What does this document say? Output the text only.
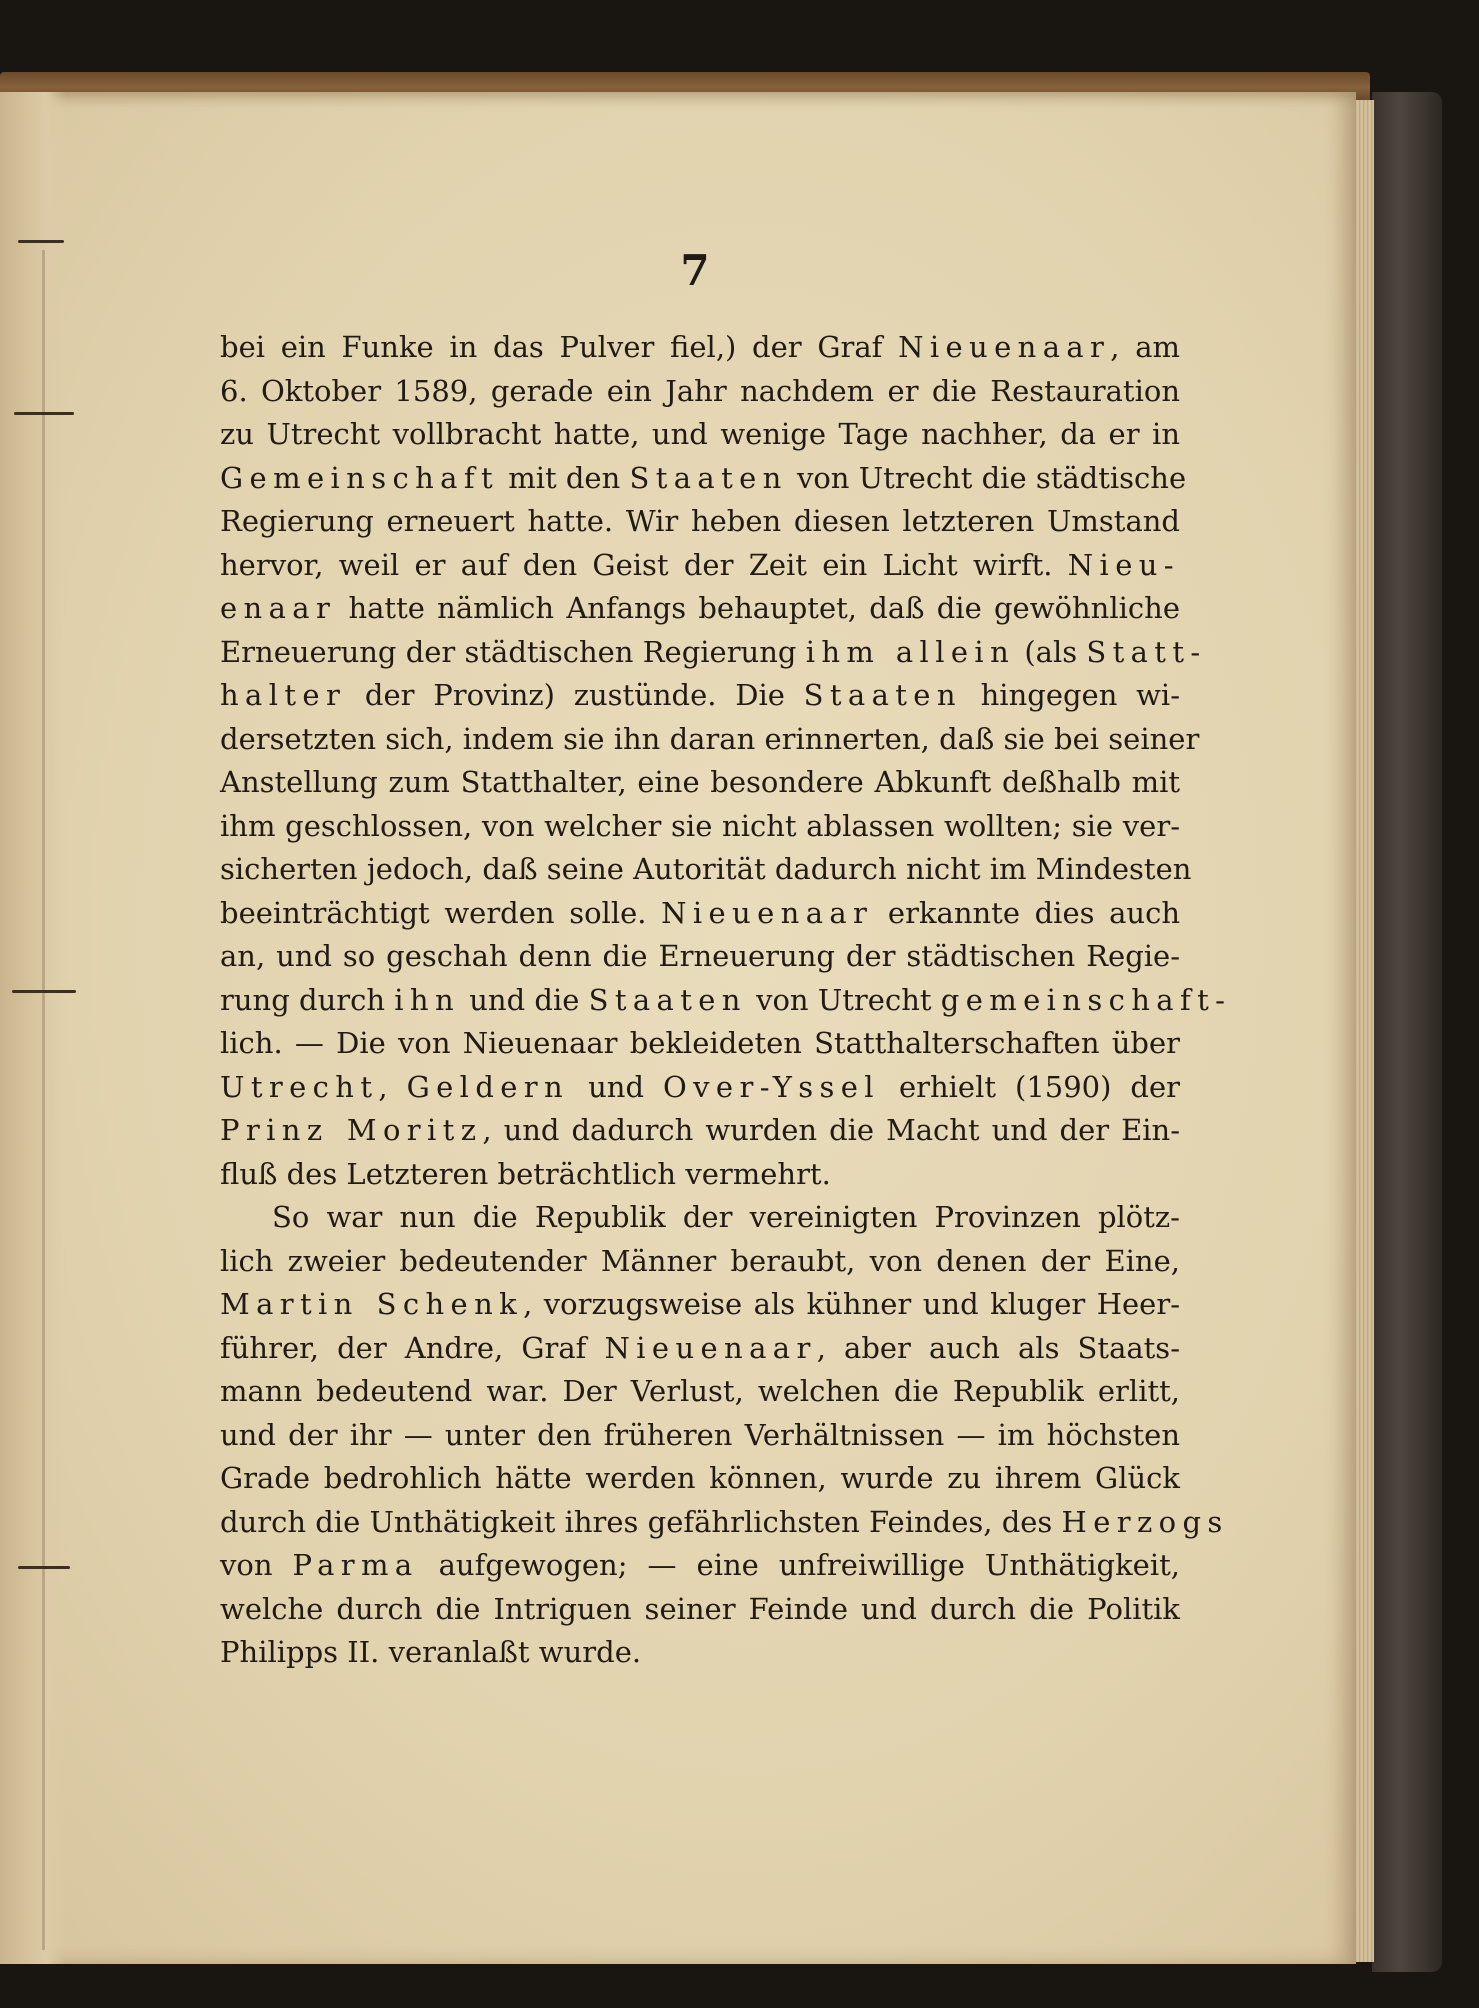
7
bei ein Funke in das Pulver fiel,) der Graf Nieuenaar, am
6. Oktober 1589, gerade ein Jahr nachdem er die Restauration
zu Utrecht vollbracht hatte, und wenige Tage nachher, da er in
Gemeinschaft mit den Staaten von Utrecht die städtische
Regierung erneuert hatte. Wir heben diesen letzteren Umstand
hervor, weil er auf den Geist der Zeit ein Licht wirft. Nieu-
enaar hatte nämlich Anfangs behauptet, daß die gewöhnliche
Erneuerung der städtischen Regierung ihm allein (als Statt-
halter der Provinz) zustünde. Die Staaten hingegen wi-
dersetzten sich, indem sie ihn daran erinnerten, daß sie bei seiner
Anstellung zum Statthalter, eine besondere Abkunft deßhalb mit
ihm geschlossen, von welcher sie nicht ablassen wollten; sie ver-
sicherten jedoch, daß seine Autorität dadurch nicht im Mindesten
beeinträchtigt werden solle. Nieuenaar erkannte dies auch
an, und so geschah denn die Erneuerung der städtischen Regie-
rung durch ihn und die Staaten von Utrecht gemeinschaft-
lich. — Die von Nieuenaar bekleideten Statthalterschaften über
Utrecht, Geldern und Over-Yssel erhielt (1590) der
Prinz Moritz, und dadurch wurden die Macht und der Ein-
fluß des Letzteren beträchtlich vermehrt.
So war nun die Republik der vereinigten Provinzen plötz-
lich zweier bedeutender Männer beraubt, von denen der Eine,
Martin Schenk, vorzugsweise als kühner und kluger Heer-
führer, der Andre, Graf Nieuenaar, aber auch als Staats-
mann bedeutend war. Der Verlust, welchen die Republik erlitt,
und der ihr — unter den früheren Verhältnissen — im höchsten
Grade bedrohlich hätte werden können, wurde zu ihrem Glück
durch die Unthätigkeit ihres gefährlichsten Feindes, des Herzogs
von Parma aufgewogen; — eine unfreiwillige Unthätigkeit,
welche durch die Intriguen seiner Feinde und durch die Politik
Philipps II. veranlaßt wurde.
